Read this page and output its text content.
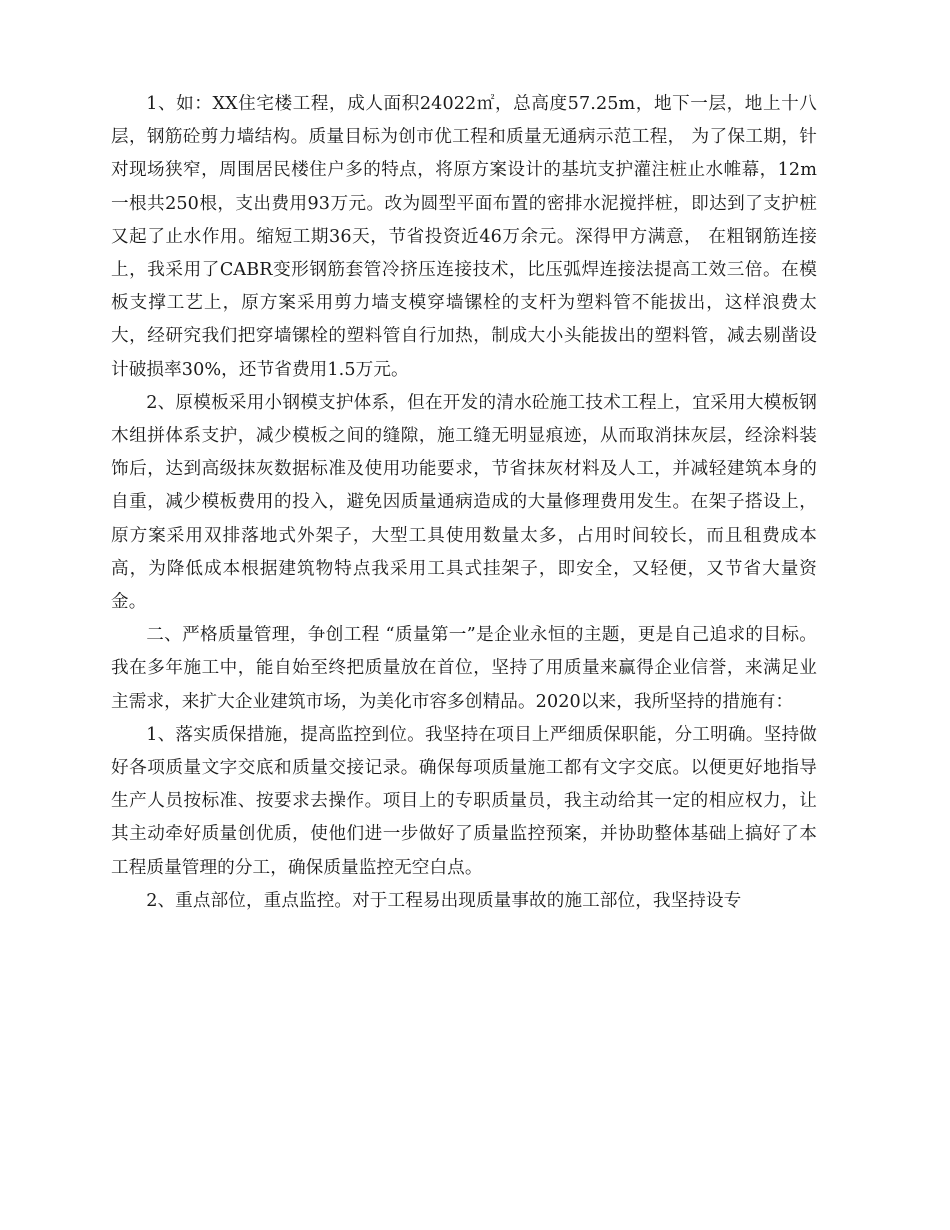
1、如：XX住宅楼工程，成人面积24022㎡，总高度57.25m，地下一层，地上十八层，钢筋砼剪力墙结构。质量目标为创市优工程和质量无通病示范工程， 为了保工期，针对现场狭窄，周围居民楼住户多的特点，将原方案设计的基坑支护灌注桩止水帷幕，12m一根共250根，支出费用93万元。改为圆型平面布置的密排水泥搅拌桩，即达到了支护桩又起了止水作用。缩短工期36天，节省投资近46万余元。深得甲方满意， 在粗钢筋连接上，我采用了CABR变形钢筋套管冷挤压连接技术，比压弧焊连接法提高工效三倍。在模板支撑工艺上，原方案采用剪力墙支模穿墙镙栓的支杆为塑料管不能拔出，这样浪费太大，经研究我们把穿墙镙栓的塑料管自行加热，制成大小头能拔出的塑料管，减去剔凿设计破损率30%，还节省费用1.5万元。

2、原模板采用小钢模支护体系，但在开发的清水砼施工技术工程上，宜采用大模板钢木组拼体系支护，减少模板之间的缝隙，施工缝无明显痕迹，从而取消抹灰层，经涂料装饰后，达到高级抹灰数据标准及使用功能要求，节省抹灰材料及人工，并减轻建筑本身的自重，减少模板费用的投入，避免因质量通病造成的大量修理费用发生。在架子搭设上，原方案采用双排落地式外架子，大型工具使用数量太多，占用时间较长，而且租费成本高，为降低成本根据建筑物特点我采用工具式挂架子，即安全，又轻便，又节省大量资金。

二、严格质量管理，争创工程 “质量第一”是企业永恒的主题，更是自己追求的目标。我在多年施工中，能自始至终把质量放在首位，坚持了用质量来赢得企业信誉，来满足业主需求，来扩大企业建筑市场，为美化市容多创精品。2020以来，我所坚持的措施有：

1、落实质保措施，提高监控到位。我坚持在项目上严细质保职能，分工明确。坚持做好各项质量文字交底和质量交接记录。确保每项质量施工都有文字交底。以便更好地指导生产人员按标准、按要求去操作。项目上的专职质量员，我主动给其一定的相应权力，让其主动牵好质量创优质，使他们进一步做好了质量监控预案，并协助整体基础上搞好了本工程质量管理的分工，确保质量监控无空白点。

2、重点部位，重点监控。对于工程易出现质量事故的施工部位，我坚持设专
